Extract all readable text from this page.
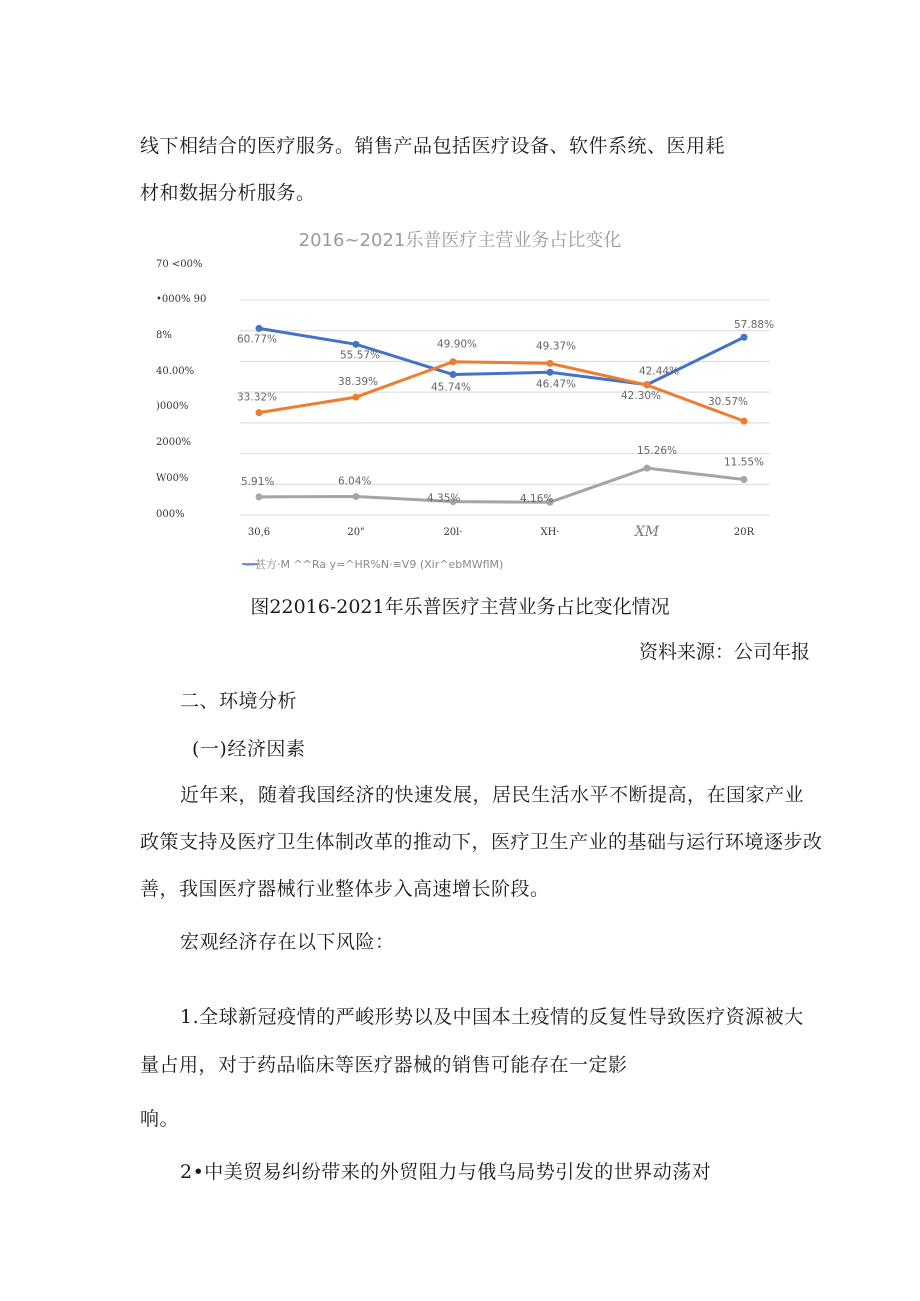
线下相结合的医疗服务。销售产品包括医疗设备、软件系统、医用耗
材和数据分析服务。
2016~2021乐普医疗主营业务占比变化
70 <00%
•000% 90
8%
40.00%
)000%
2000%
W00%
000%
30,6	20"	20l·	XH·	XM	20R
60.77%
55.57%
45.74%	46.47%
42.44%
57.88%
33.32%
38.39%
49.90%	49.37%
42.30%
30.57%
5.91%	6.04%
4.35%	4.16%
15.26%
11.55%
—甚方·M ^^Ra y=^HR%N·≡V9 (Xir^ebMWflM)
图22016-2021年乐普医疗主营业务占比变化情况
资料来源：公司年报
二、环境分析
(一)经济因素
近年来，随着我国经济的快速发展，居民生活水平不断提高，在国家产业
政策支持及医疗卫生体制改革的推动下，医疗卫生产业的基础与运行环境逐步改
善，我国医疗器械行业整体步入高速增长阶段。
宏观经济存在以下风险：
1.全球新冠疫情的严峻形势以及中国本土疫情的反复性导致医疗资源被大
量占用，对于药品临床等医疗器械的销售可能存在一定影
响。
2•中美贸易纠纷带来的外贸阻力与俄乌局势引发的世界动荡对
